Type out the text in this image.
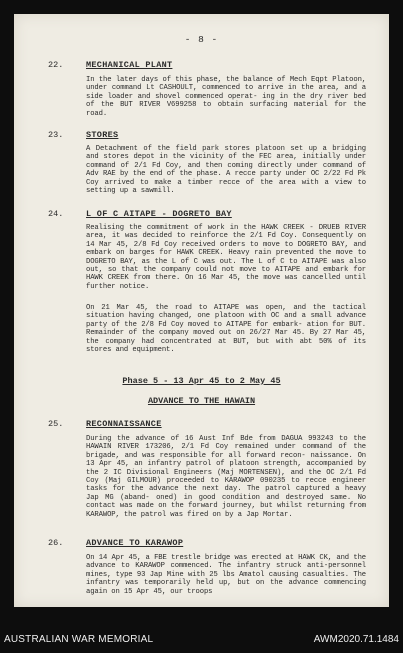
- 8 -
22.	MECHANICAL PLANT
In the later days of this phase, the balance of Mech Eqpt Platoon, under command Lt CASHOULT, commenced to arrive in the area, and a side loader and shovel commenced operat- ing in the dry river bed of the BUT RIVER V699258 to obtain surfacing material for the road.
23.	STORES
A Detachment of the field park stores platoon set up a bridging and stores depot in the vicinity of the FEC area, initially under command of 2/1 Fd Coy, and then coming directly under command of Adv RAE by the end of the phase. A recce party under OC 2/22 Fd Pk Coy arrived to make a timber recce of the area with a view to setting up a sawmill.
24.	L OF C AITAPE - DOGRETO BAY
Realising the commitment of work in the HAWK CREEK - DRUEB RIVER area, it was decided to reinforce the 2/1 Fd Coy. Consequently on 14 Mar 45, 2/8 Fd Coy received orders to move to DOGRETO BAY, and embark on barges for HAWK CREEK. Heavy rain prevented the move to DOGRETO BAY, as the L of C was out. The L of C to AITAPE was also out, so that the company could not move to AITAPE and embark for HAWK CREEK from there. On 16 Mar 45, the move was cancelled until further notice.
On 21 Mar 45, the road to AITAPE was open, and the tactical situation having changed, one platoon with OC and a small advance party of the 2/8 Fd Coy moved to AITAPE for embark- ation for BUT. Remainder of the company moved out on 26/27 Mar 45. By 27 Mar 45, the company had concentrated at BUT, but with abt 50% of its stores and equipment.
Phase 5 - 13 Apr 45 to 2 May 45
ADVANCE TO THE HAWAIN
25.	RECONNAISSANCE
During the advance of 16 Aust Inf Bde from DAGUA 993243 to the HAWAIN RIVER 173206, 2/1 Fd Coy remained under command of the brigade, and was responsible for all forward recon- naissance. On 13 Apr 45, an infantry patrol of platoon strength, accompanied by the 2 IC Divisional Engineers (Maj MORTENSEN), and the OC 2/1 Fd Coy (Maj GILMOUR) proceeded to KARAWOP 090235 to recce engineer tasks for the advance the next day. The patrol captured a heavy Jap MG (aband- oned) in good condition and destroyed same. No contact was made on the forward journey, but whilst returning from KARAWOP, the patrol was fired on by a Jap Mortar.
26.	ADVANCE TO KARAWOP
On 14 Apr 45, a FBE trestle bridge was erected at HAWK CK, and the advance to KARAWOP commenced. The infantry struck anti-personnel mines, type 93 Jap Mine with 25 lbs Amatol causing casualties. The infantry was temporarily held up, but on the advance commencing again on 15 Apr 45, our troops
AUSTRALIAN WAR MEMORIAL	AWM2020.71.1484
